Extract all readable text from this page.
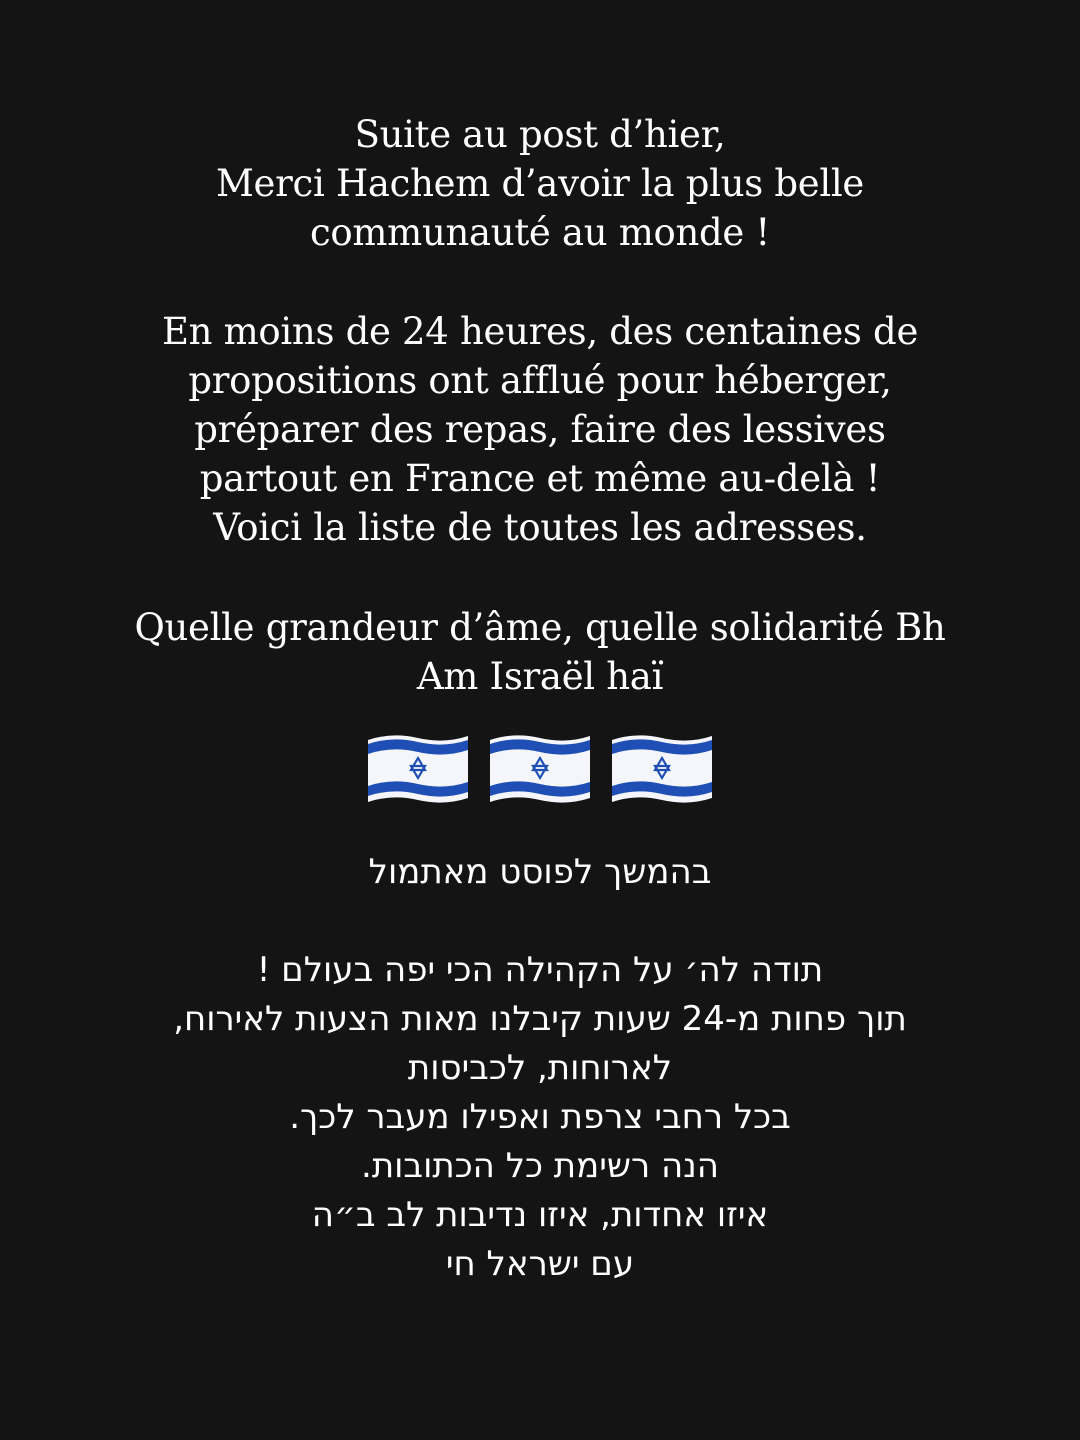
Suite au post d’hier,
Merci Hachem d’avoir la plus belle
communauté au monde !
En moins de 24 heures, des centaines de
propositions ont afflué pour héberger,
préparer des repas, faire des lessives
partout en France et même au-delà !
Voici la liste de toutes les adresses.
Quelle grandeur d’âme, quelle solidarité Bh
Am Israël haï
בהמשך לפוסט מאתמול
תודה לה׳ על הקהילה הכי יפה בעולם !
תוך פחות מ-24 שעות קיבלנו מאות הצעות לאירוח,
לארוחות, לכביסות
בכל רחבי צרפת ואפילו מעבר לכך.
הנה רשימת כל הכתובות.
איזו אחדות, איזו נדיבות לב ב״ה
עם ישראל חי
